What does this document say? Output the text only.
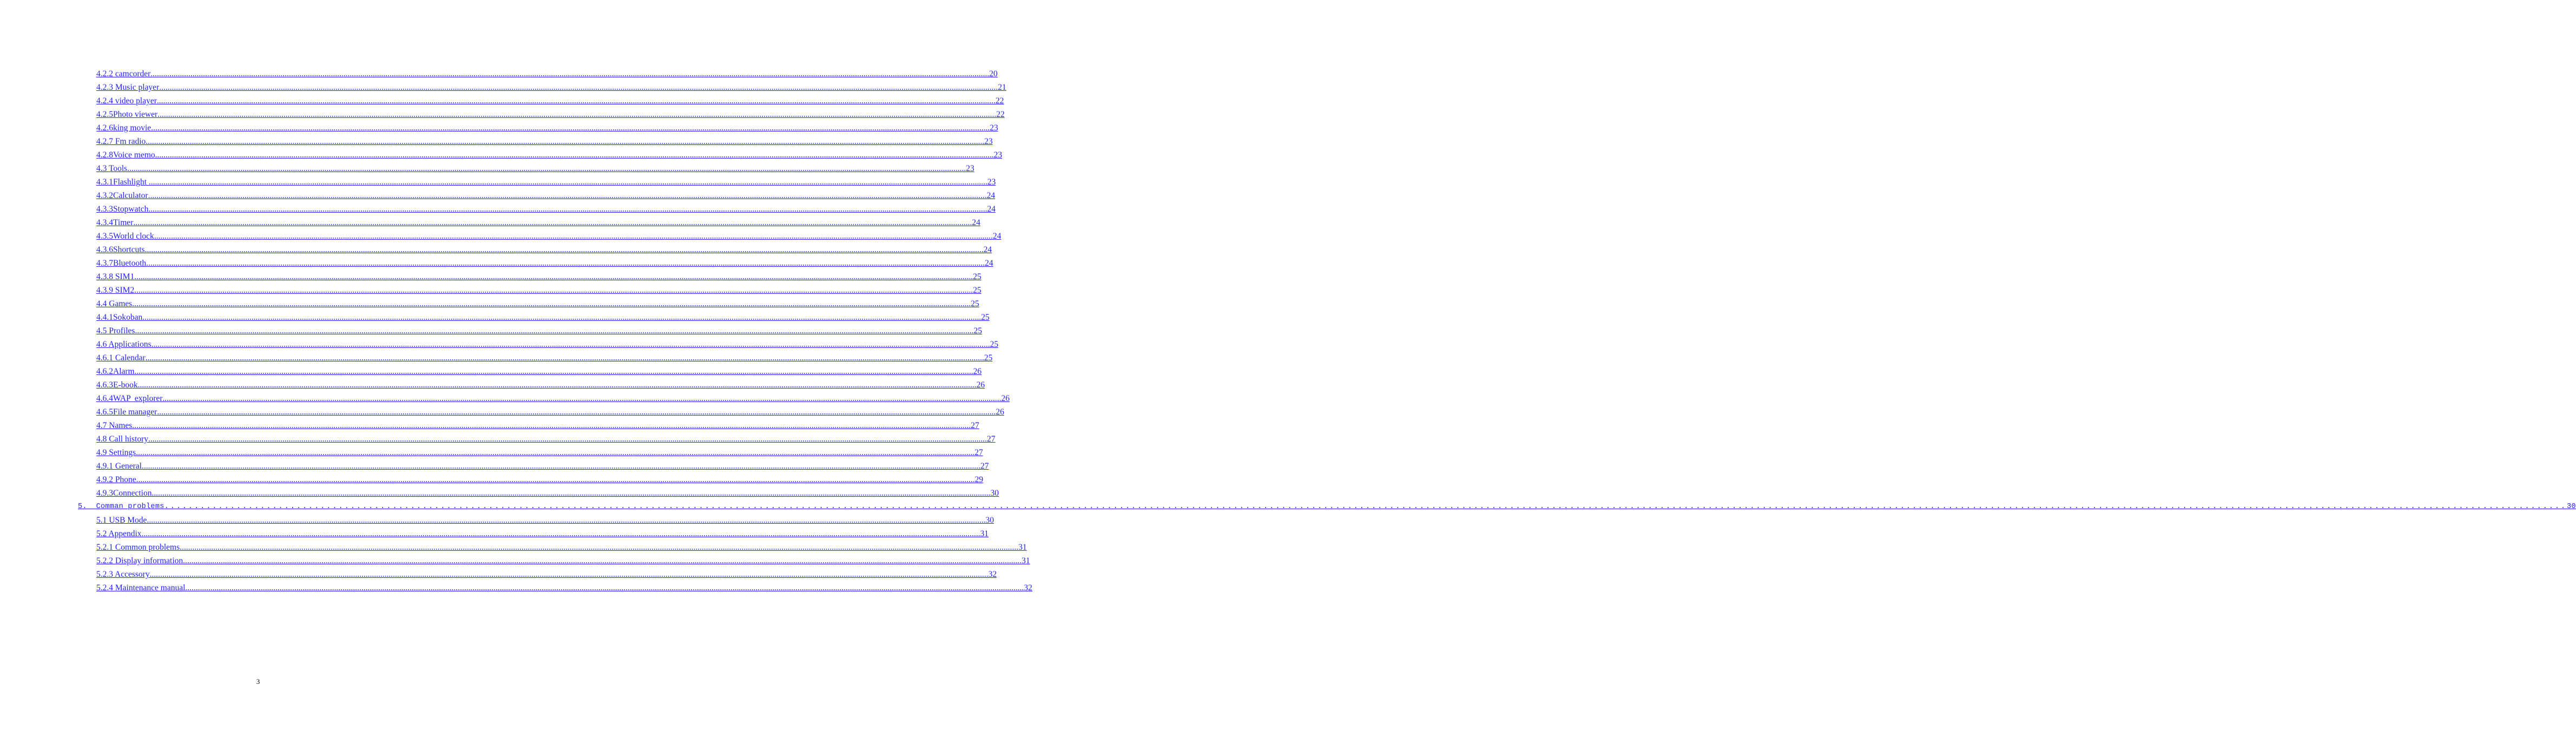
4.2.2 camcorder ................................................................................................................................................................................................................................................................................................................................................................................................................ 20
4.2.3 Music player ................................................................................................................................................................................................................................................................................................................................................................................................................ 21
4.2.4 video player ................................................................................................................................................................................................................................................................................................................................................................................................................ 22
4.2.5Photo viewer ................................................................................................................................................................................................................................................................................................................................................................................................................ 22
4.2.6king movie ................................................................................................................................................................................................................................................................................................................................................................................................................ 23
4.2.7 Fm radio ................................................................................................................................................................................................................................................................................................................................................................................................................ 23
4.2.8Voice memo ................................................................................................................................................................................................................................................................................................................................................................................................................ 23
4.3 Tools ................................................................................................................................................................................................................................................................................................................................................................................................................ 23
4.3.1Flashlight ................................................................................................................................................................................................................................................................................................................................................................................................................ 23
4.3.2Calculator ................................................................................................................................................................................................................................................................................................................................................................................................................ 24
4.3.3Stopwatch ................................................................................................................................................................................................................................................................................................................................................................................................................ 24
4.3.4Timer ................................................................................................................................................................................................................................................................................................................................................................................................................ 24
4.3.5World clock ................................................................................................................................................................................................................................................................................................................................................................................................................ 24
4.3.6Shortcuts ................................................................................................................................................................................................................................................................................................................................................................................................................ 24
4.3.7Bluetooth ................................................................................................................................................................................................................................................................................................................................................................................................................ 24
4.3.8 SIM1 ................................................................................................................................................................................................................................................................................................................................................................................................................ 25
4.3.9 SIM2 ................................................................................................................................................................................................................................................................................................................................................................................................................ 25
4.4 Games ................................................................................................................................................................................................................................................................................................................................................................................................................ 25
4.4.1Sokoban ................................................................................................................................................................................................................................................................................................................................................................................................................ 25
4.5 Profiles ................................................................................................................................................................................................................................................................................................................................................................................................................ 25
4.6 Applications ................................................................................................................................................................................................................................................................................................................................................................................................................ 25
4.6.1 Calendar ................................................................................................................................................................................................................................................................................................................................................................................................................ 25
4.6.2Alarm ................................................................................................................................................................................................................................................................................................................................................................................................................ 26
4.6.3E-book ................................................................................................................................................................................................................................................................................................................................................................................................................ 26
4.6.4WAP  explorer ................................................................................................................................................................................................................................................................................................................................................................................................................ 26
4.6.5File manager ................................................................................................................................................................................................................................................................................................................................................................................................................ 26
4.7 Names ................................................................................................................................................................................................................................................................................................................................................................................................................ 27
4.8 Call history ................................................................................................................................................................................................................................................................................................................................................................................................................ 27
4.9 Settings ................................................................................................................................................................................................................................................................................................................................................................................................................ 27
4.9.1 General ................................................................................................................................................................................................................................................................................................................................................................................................................ 27
4.9.2 Phone ................................................................................................................................................................................................................................................................................................................................................................................................................ 29
4.9.3Connection ................................................................................................................................................................................................................................................................................................................................................................................................................ 30
5.  Comman problems ................................................................................................................................................................................................................................................................................................................................................................................................................ 30
5.1 USB Mode ................................................................................................................................................................................................................................................................................................................................................................................................................ 30
5.2 Appendix ................................................................................................................................................................................................................................................................................................................................................................................................................ 31
5.2.1 Common problems ................................................................................................................................................................................................................................................................................................................................................................................................................ 31
5.2.2 Display information ................................................................................................................................................................................................................................................................................................................................................................................................................ 31
5.2.3 Accessory ................................................................................................................................................................................................................................................................................................................................................................................................................ 32
5.2.4 Maintenance manual ................................................................................................................................................................................................................................................................................................................................................................................................................ 32
3
